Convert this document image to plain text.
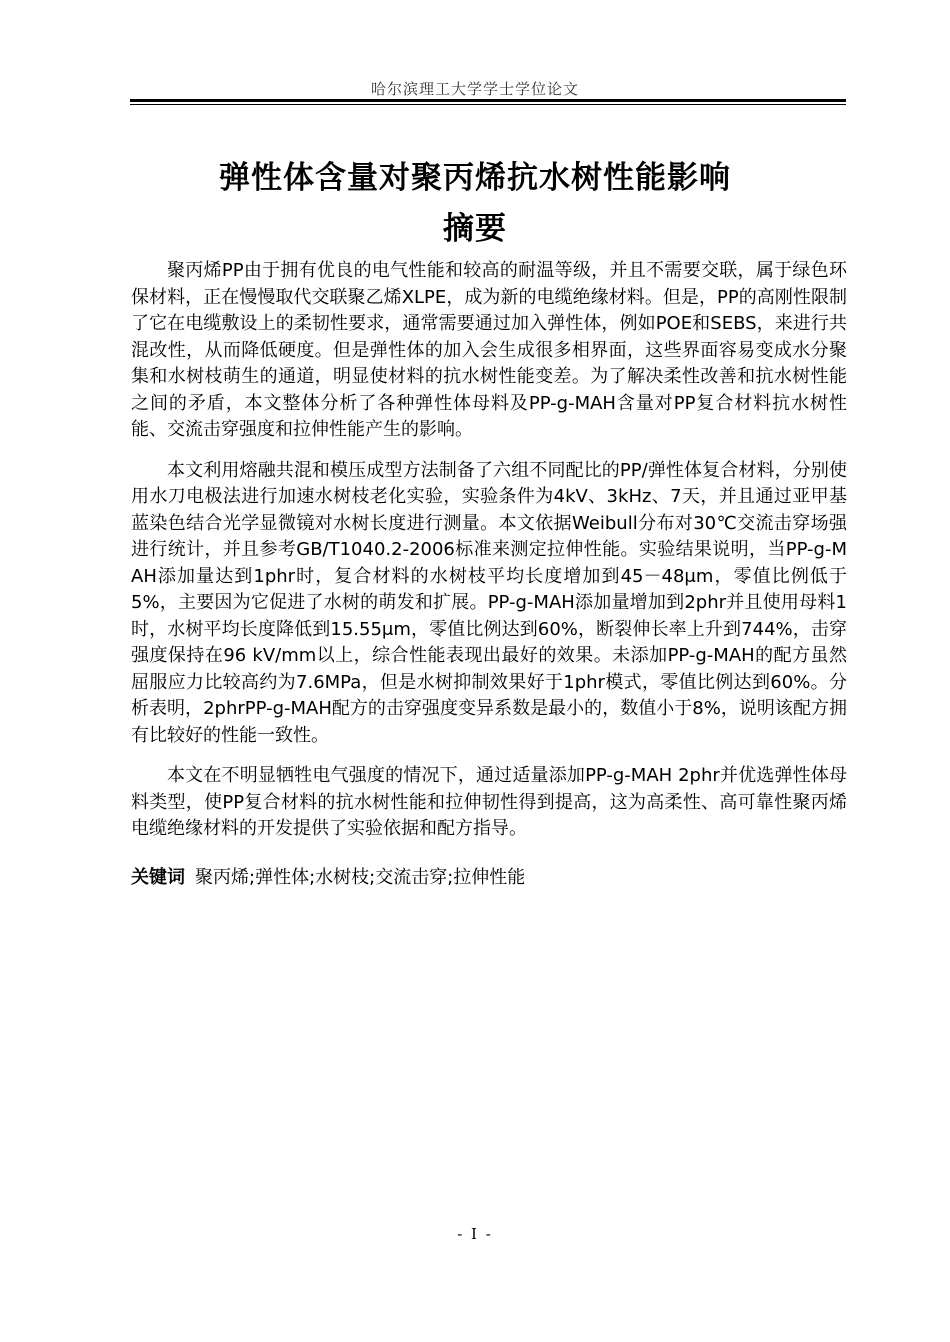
哈尔滨理工大学学士学位论文
弹性体含量对聚丙烯抗水树性能影响
摘要

聚丙烯PP由于拥有优良的电气性能和较高的耐温等级，并且不需要交联，属于绿色环保材料，正在慢慢取代交联聚乙烯XLPE，成为新的电缆绝缘材料。但是，PP的高刚性限制了它在电缆敷设上的柔韧性要求，通常需要通过加入弹性体，例如POE和SEBS，来进行共混改性，从而降低硬度。但是弹性体的加入会生成很多相界面，这些界面容易变成水分聚集和水树枝萌生的通道，明显使材料的抗水树性能变差。为了解决柔性改善和抗水树性能之间的矛盾，本文整体分析了各种弹性体母料及PP-g-MAH含量对PP复合材料抗水树性能、交流击穿强度和拉伸性能产生的影响。

本文利用熔融共混和模压成型方法制备了六组不同配比的PP/弹性体复合材料，分别使用水刀电极法进行加速水树枝老化实验，实验条件为4kV、3kHz、7天，并且通过亚甲基蓝染色结合光学显微镜对水树长度进行测量。本文依据Weibull分布对30℃交流击穿场强进行统计，并且参考GB/T1040.2-2006标准来测定拉伸性能。实验结果说明，当PP-g-MAH添加量达到1phr时，复合材料的水树枝平均长度增加到45－48μm，零值比例低于5%，主要因为它促进了水树的萌发和扩展。PP-g-MAH添加量增加到2phr并且使用母料1时，水树平均长度降低到15.55μm，零值比例达到60%，断裂伸长率上升到744%，击穿强度保持在96 kV/mm以上，综合性能表现出最好的效果。未添加PP-g-MAH的配方虽然屈服应力比较高约为7.6MPa，但是水树抑制效果好于1phr模式，零值比例达到60%。分析表明，2phrPP-g-MAH配方的击穿强度变异系数是最小的，数值小于8%，说明该配方拥有比较好的性能一致性。

本文在不明显牺牲电气强度的情况下，通过适量添加PP-g-MAH 2phr并优选弹性体母料类型，使PP复合材料的抗水树性能和拉伸韧性得到提高，这为高柔性、高可靠性聚丙烯电缆绝缘材料的开发提供了实验依据和配方指导。

关键词 聚丙烯;弹性体;水树枝;交流击穿;拉伸性能
- I -
